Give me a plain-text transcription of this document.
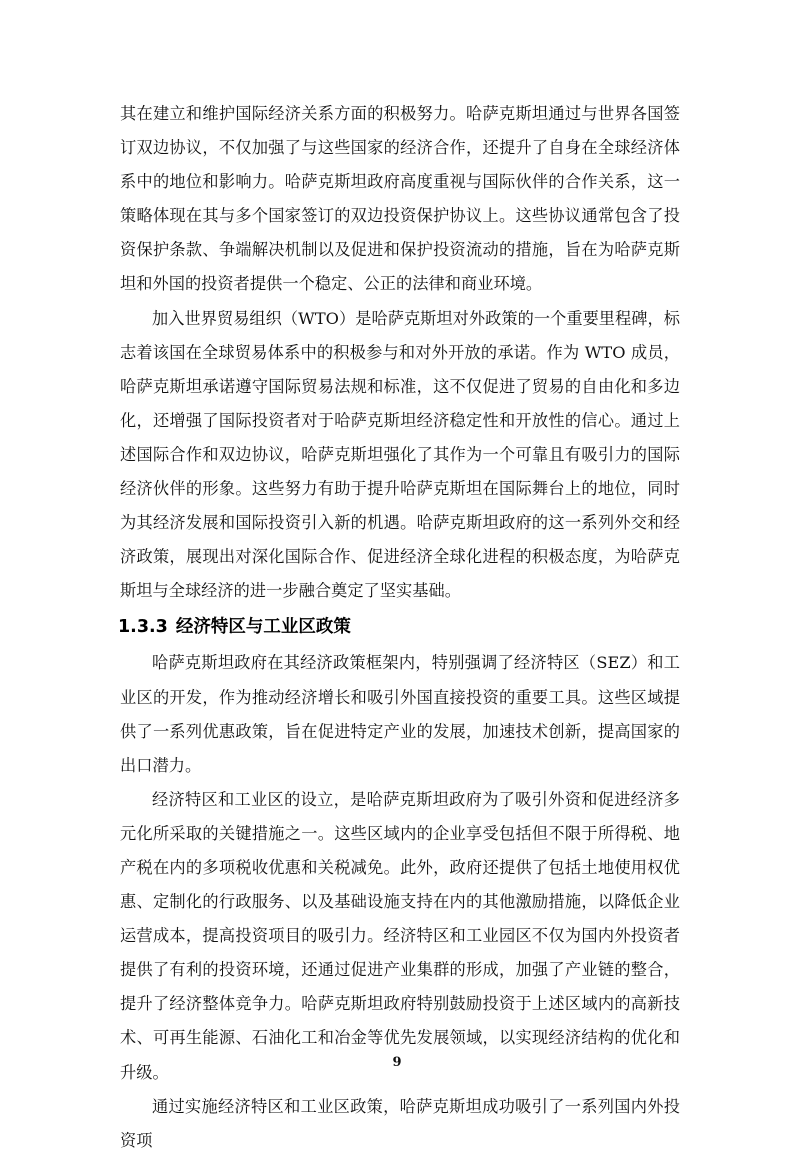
其在建立和维护国际经济关系方面的积极努力。哈萨克斯坦通过与世界各国签订双边协议，不仅加强了与这些国家的经济合作，还提升了自身在全球经济体系中的地位和影响力。哈萨克斯坦政府高度重视与国际伙伴的合作关系，这一策略体现在其与多个国家签订的双边投资保护协议上。这些协议通常包含了投资保护条款、争端解决机制以及促进和保护投资流动的措施，旨在为哈萨克斯坦和外国的投资者提供一个稳定、公正的法律和商业环境。

加入世界贸易组织（WTO）是哈萨克斯坦对外政策的一个重要里程碑，标志着该国在全球贸易体系中的积极参与和对外开放的承诺。作为 WTO 成员，哈萨克斯坦承诺遵守国际贸易法规和标准，这不仅促进了贸易的自由化和多边化，还增强了国际投资者对于哈萨克斯坦经济稳定性和开放性的信心。通过上述国际合作和双边协议，哈萨克斯坦强化了其作为一个可靠且有吸引力的国际经济伙伴的形象。这些努力有助于提升哈萨克斯坦在国际舞台上的地位，同时为其经济发展和国际投资引入新的机遇。哈萨克斯坦政府的这一系列外交和经济政策，展现出对深化国际合作、促进经济全球化进程的积极态度，为哈萨克斯坦与全球经济的进一步融合奠定了坚实基础。

1.3.3 经济特区与工业区政策

哈萨克斯坦政府在其经济政策框架内，特别强调了经济特区（SEZ）和工业区的开发，作为推动经济增长和吸引外国直接投资的重要工具。这些区域提供了一系列优惠政策，旨在促进特定产业的发展，加速技术创新，提高国家的出口潜力。

经济特区和工业区的设立，是哈萨克斯坦政府为了吸引外资和促进经济多元化所采取的关键措施之一。这些区域内的企业享受包括但不限于所得税、地产税在内的多项税收优惠和关税减免。此外，政府还提供了包括土地使用权优惠、定制化的行政服务、以及基础设施支持在内的其他激励措施，以降低企业运营成本，提高投资项目的吸引力。经济特区和工业园区不仅为国内外投资者提供了有利的投资环境，还通过促进产业集群的形成，加强了产业链的整合，提升了经济整体竞争力。哈萨克斯坦政府特别鼓励投资于上述区域内的高新技术、可再生能源、石油化工和冶金等优先发展领域，以实现经济结构的优化和升级。

通过实施经济特区和工业区政策，哈萨克斯坦成功吸引了一系列国内外投资项

9
